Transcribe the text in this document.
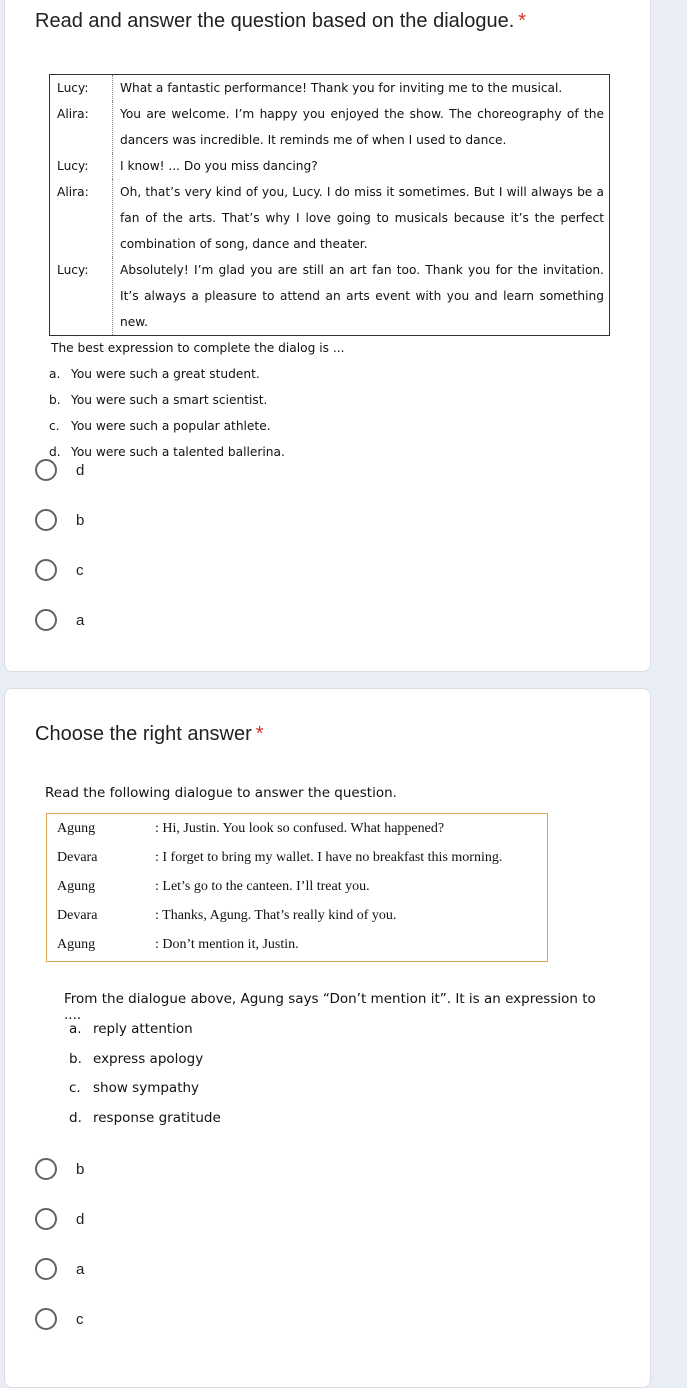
Read and answer the question based on the dialogue. *
Lucy:	What a fantastic performance! Thank you for inviting me to the musical.
Alira:	You are welcome. I’m happy you enjoyed the show. The choreography of the dancers was incredible. It reminds me of when I used to dance.
Lucy:	I know! ... Do you miss dancing?
Alira:	Oh, that’s very kind of you, Lucy. I do miss it sometimes. But I will always be a fan of the arts. That’s why I love going to musicals because it’s the perfect combination of song, dance and theater.
Lucy:	Absolutely! I’m glad you are still an art fan too. Thank you for the invitation. It’s always a pleasure to attend an arts event with you and learn something new.
The best expression to complete the dialog is ...
a. You were such a great student.
b. You were such a smart scientist.
c. You were such a popular athlete.
d. You were such a talented ballerina.
d
b
c
a
Choose the right answer *
Read the following dialogue to answer the question.
Agung	: Hi, Justin. You look so confused. What happened?
Devara	: I forget to bring my wallet. I have no breakfast this morning.
Agung	: Let’s go to the canteen. I’ll treat you.
Devara	: Thanks, Agung. That’s really kind of you.
Agung	: Don’t mention it, Justin.
From the dialogue above, Agung says “Don’t mention it”. It is an expression to ....
a. reply attention
b. express apology
c. show sympathy
d. response gratitude
b
d
a
c
